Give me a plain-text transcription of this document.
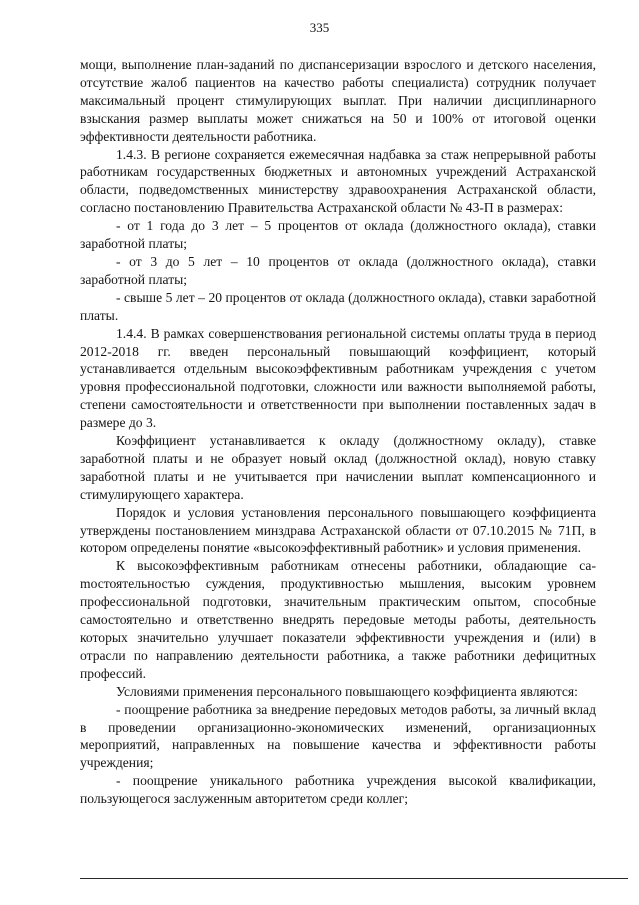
335

мощи, выполнение план-заданий по диспансеризации взрослого и детского населения, отсутствие жалоб пациентов на качество работы специалиста) сотрудник получает максимальный процент стимулирующих выплат. При наличии дисциплинарного взыскания размер выплаты может снижаться на 50 и 100% от итоговой оценки эффективности деятельности работника.

1.4.3. В регионе сохраняется ежемесячная надбавка за стаж непрерывной работы работникам государственных бюджетных и автономных учреждений Астраханской области, подведомственных министерству здравоохранения Астраханской области, согласно постановлению Правительства Астраханской области № 43-П в размерах:

- от 1 года до 3 лет – 5 процентов от оклада (должностного оклада), ставки заработной платы;

- от 3 до 5 лет – 10 процентов от оклада (должностного оклада), ставки заработной платы;

- свыше 5 лет – 20 процентов от оклада (должностного оклада), ставки заработной платы.

1.4.4. В рамках совершенствования региональной системы оплаты труда в период 2012-2018 гг. введен персональный повышающий коэффициент, который устанавливается отдельным высокоэффективным работникам учреждения с учетом уровня профессиональной подготовки, сложности или важности выполняемой работы, степени самостоятельности и ответственности при выполнении поставленных задач в размере до 3.

Коэффициент устанавливается к окладу (должностному окладу), ставке заработной платы и не образует новый оклад (должностной оклад), новую ставку заработной платы и не учитывается при начислении выплат компенсационного и стимулирующего характера.

Порядок и условия установления персонального повышающего коэффициента утверждены постановлением минздрава Астраханской области от 07.10.2015 № 71П, в котором определены понятие «высокоэффективный работник» и условия применения.

К высокоэффективным работникам отнесены работники, обладающие саmостоятельностью суждения, продуктивностью мышления, высоким уровнем профессиональной подготовки, значительным практическим опытом, способные самостоятельно и ответственно внедрять передовые методы работы, деятельность которых значительно улучшает показатели эффективности учреждения и (или) в отрасли по направлению деятельности работника, а также работники дефицитных профессий.

Условиями применения персонального повышающего коэффициента являются:

- поощрение работника за внедрение передовых методов работы, за личный вклад в проведении организационно-экономических изменений, организационных мероприятий, направленных на повышение качества и эффективности работы учреждения;

- поощрение уникального работника учреждения высокой квалификации, пользующегося заслуженным авторитетом среди коллег;
